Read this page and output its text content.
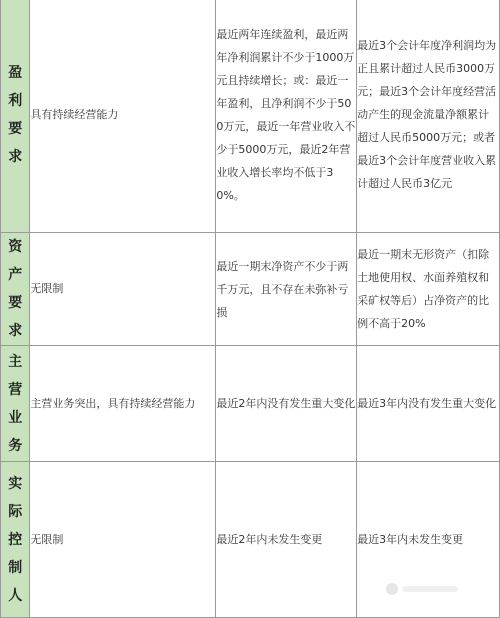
盈
利
要
求	具有持续经营能力	最近两年连续盈利，最近两年净利润累计不少于1000万元且持续增长；或：最近一年盈利，且净利润不少于500万元，最近一年营业收入不少于5000万元，最近2年营业收入增长率均不低于30%。	最近3个会计年度净利润均为正且累计超过人民币3000万元；最近3个会计年度经营活动产生的现金流量净额累计超过人民币5000万元；或者最近3个会计年度营业收入累计超过人民币3亿元

资
产
要
求	无限制	最近一期末净资产不少于两千万元，且不存在未弥补亏损	最近一期末无形资产（扣除土地使用权、水面养殖权和采矿权等后）占净资产的比例不高于20%

主
营
业
务	主营业务突出，具有持续经营能力	最近2年内没有发生重大变化	最近3年内没有发生重大变化

实
际
控
制
人	无限制	最近2年内未发生变更	最近3年内未发生变更
